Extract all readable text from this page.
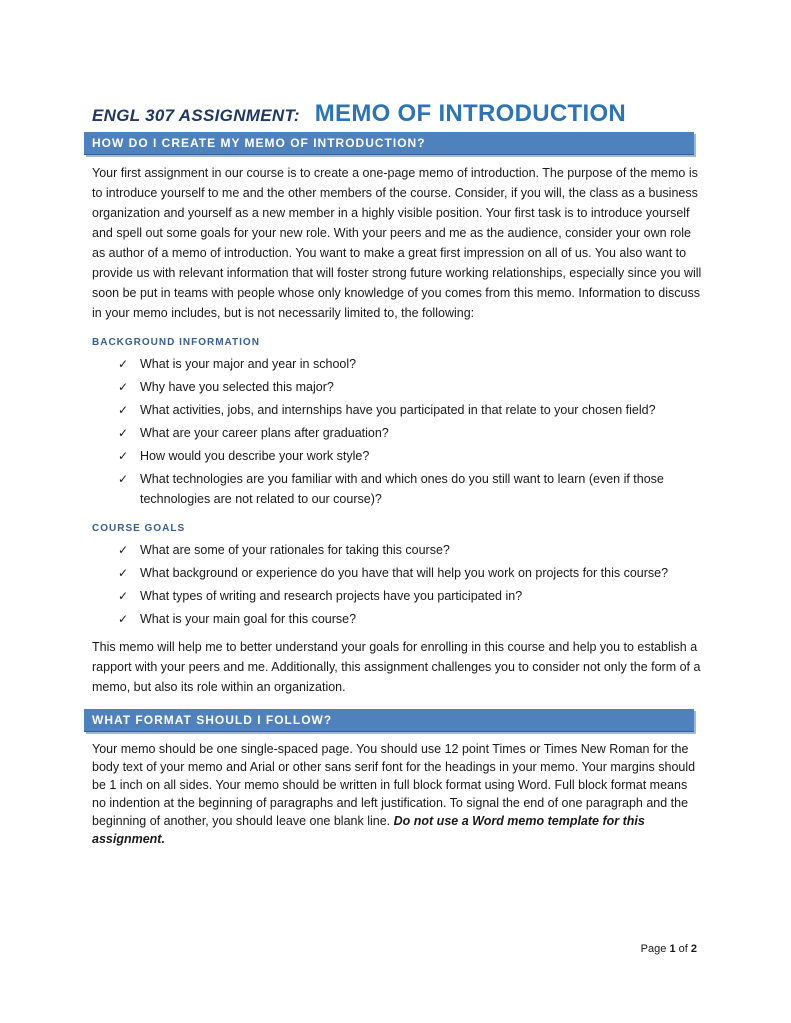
ENGL 307 ASSIGNMENT: MEMO OF INTRODUCTION
HOW DO I CREATE MY MEMO OF INTRODUCTION?

Your first assignment in our course is to create a one-page memo of introduction. The purpose of the memo is to introduce yourself to me and the other members of the course. Consider, if you will, the class as a business organization and yourself as a new member in a highly visible position. Your first task is to introduce yourself and spell out some goals for your new role. With your peers and me as the audience, consider your own role as author of a memo of introduction. You want to make a great first impression on all of us. You also want to provide us with relevant information that will foster strong future working relationships, especially since you will soon be put in teams with people whose only knowledge of you comes from this memo. Information to discuss in your memo includes, but is not necessarily limited to, the following:

BACKGROUND INFORMATION
✓ What is your major and year in school?
✓ Why have you selected this major?
✓ What activities, jobs, and internships have you participated in that relate to your chosen field?
✓ What are your career plans after graduation?
✓ How would you describe your work style?
✓ What technologies are you familiar with and which ones do you still want to learn (even if those technologies are not related to our course)?
COURSE GOALS
✓ What are some of your rationales for taking this course?
✓ What background or experience do you have that will help you work on projects for this course?
✓ What types of writing and research projects have you participated in?
✓ What is your main goal for this course?

This memo will help me to better understand your goals for enrolling in this course and help you to establish a rapport with your peers and me. Additionally, this assignment challenges you to consider not only the form of a memo, but also its role within an organization.

WHAT FORMAT SHOULD I FOLLOW?

Your memo should be one single-spaced page. You should use 12 point Times or Times New Roman for the body text of your memo and Arial or other sans serif font for the headings in your memo. Your margins should be 1 inch on all sides. Your memo should be written in full block format using Word. Full block format means no indention at the beginning of paragraphs and left justification. To signal the end of one paragraph and the beginning of another, you should leave one blank line. Do not use a Word memo template for this assignment.

Page 1 of 2
